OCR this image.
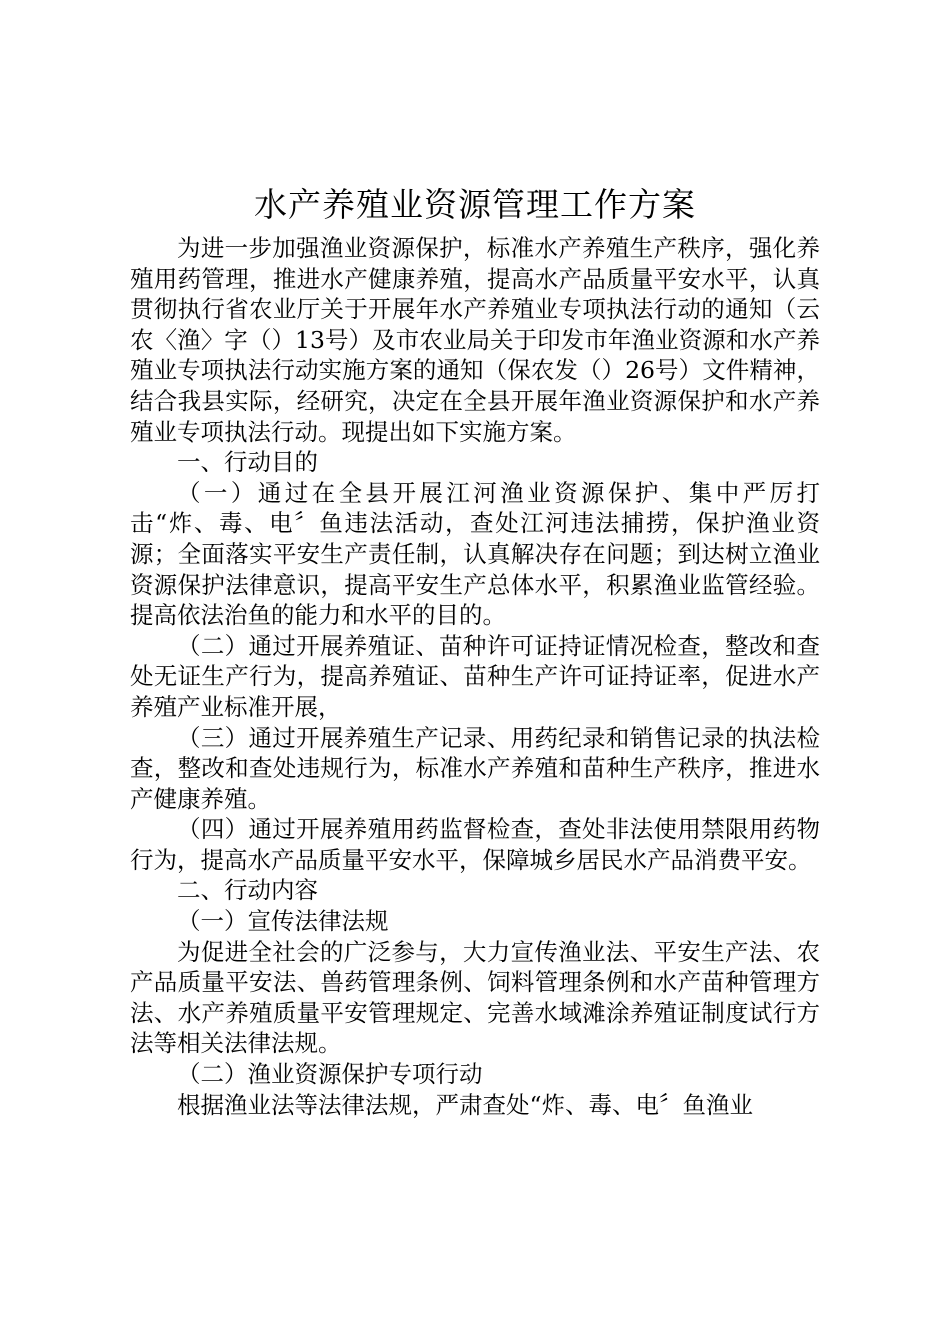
水产养殖业资源管理工作方案

为进一步加强渔业资源保护，标准水产养殖生产秩序，强化养殖用药管理，推进水产健康养殖，提高水产品质量平安水平，认真贯彻执行省农业厅关于开展年水产养殖业专项执法行动的通知（云农〈渔〉字（）13号）及市农业局关于印发市年渔业资源和水产养殖业专项执法行动实施方案的通知（保农发（）26号）文件精神，结合我县实际，经研究，决定在全县开展年渔业资源保护和水产养殖业专项执法行动。现提出如下实施方案。

一、行动目的

（一）通过在全县开展江河渔业资源保护、集中严厉打击“炸、毒、电〞鱼违法活动，查处江河违法捕捞，保护渔业资源；全面落实平安生产责任制，认真解决存在问题；到达树立渔业资源保护法律意识，提高平安生产总体水平，积累渔业监管经验。提高依法治鱼的能力和水平的目的。

（二）通过开展养殖证、苗种许可证持证情况检查，整改和查处无证生产行为，提高养殖证、苗种生产许可证持证率，促进水产养殖产业标准开展，

（三）通过开展养殖生产记录、用药纪录和销售记录的执法检查，整改和查处违规行为，标准水产养殖和苗种生产秩序，推进水产健康养殖。

（四）通过开展养殖用药监督检查，查处非法使用禁限用药物行为，提高水产品质量平安水平，保障城乡居民水产品消费平安。

二、行动内容

（一）宣传法律法规

为促进全社会的广泛参与，大力宣传渔业法、平安生产法、农产品质量平安法、兽药管理条例、饲料管理条例和水产苗种管理方法、水产养殖质量平安管理规定、完善水域滩涂养殖证制度试行方法等相关法律法规。

（二）渔业资源保护专项行动

根据渔业法等法律法规，严肃查处“炸、毒、电〞鱼渔业
